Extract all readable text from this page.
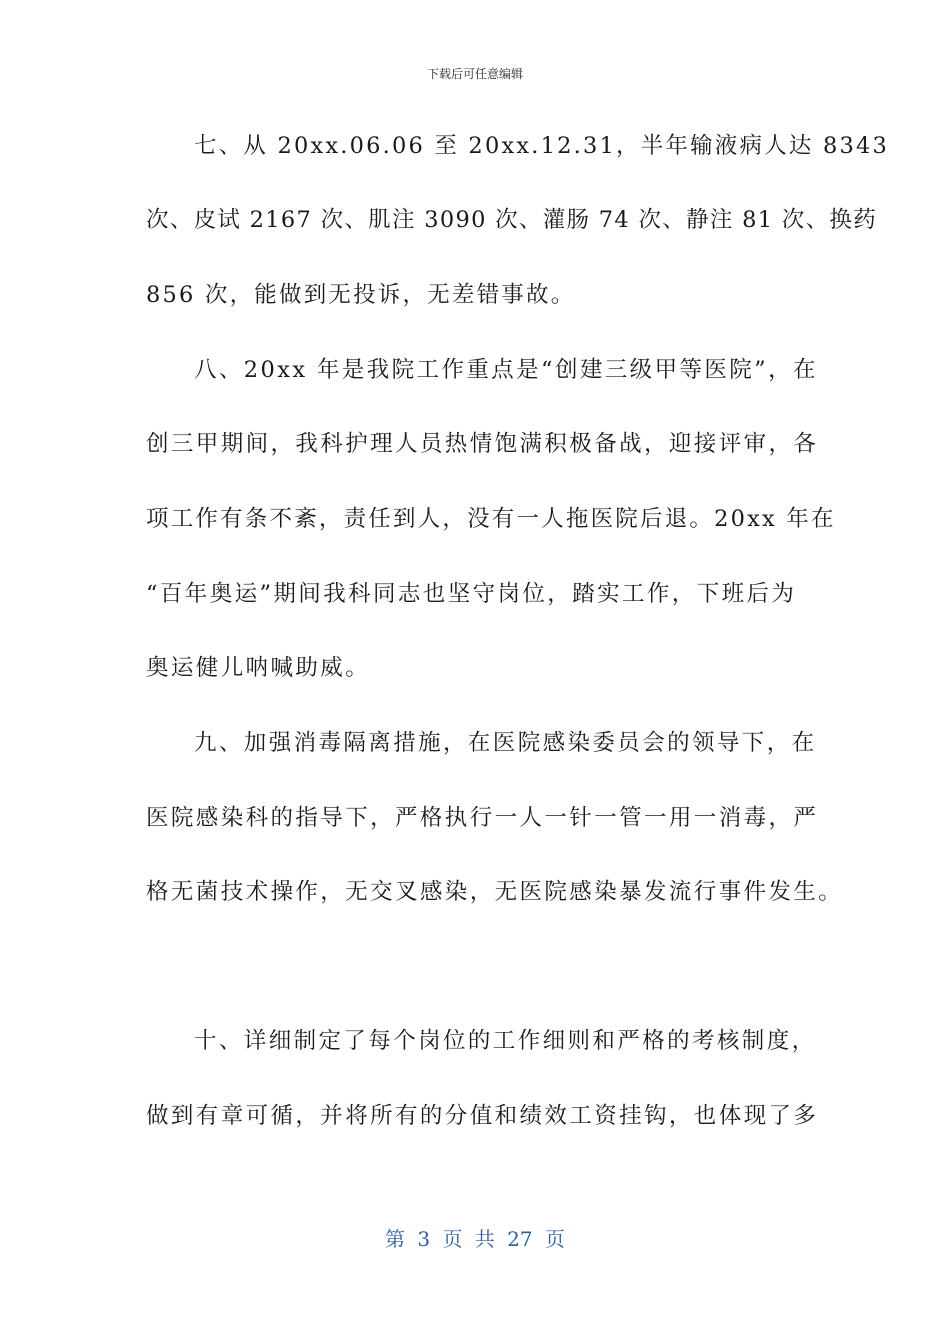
下载后可任意编辑
七、从 20xx.06.06 至 20xx.12.31，半年输液病人达 8343
次、皮试 2167 次、肌注 3090 次、灌肠 74 次、静注 81 次、换药
856 次，能做到无投诉，无差错事故。
八、20xx 年是我院工作重点是“创建三级甲等医院”，在
创三甲期间，我科护理人员热情饱满积极备战，迎接评审，各
项工作有条不紊，责任到人，没有一人拖医院后退。20xx 年在
“百年奥运”期间我科同志也坚守岗位，踏实工作，下班后为
奥运健儿呐喊助威。
九、加强消毒隔离措施，在医院感染委员会的领导下，在
医院感染科的指导下，严格执行一人一针一管一用一消毒，严
格无菌技术操作，无交叉感染，无医院感染暴发流行事件发生。
十、详细制定了每个岗位的工作细则和严格的考核制度，
做到有章可循，并将所有的分值和绩效工资挂钩，也体现了多
第 3 页 共 27 页
